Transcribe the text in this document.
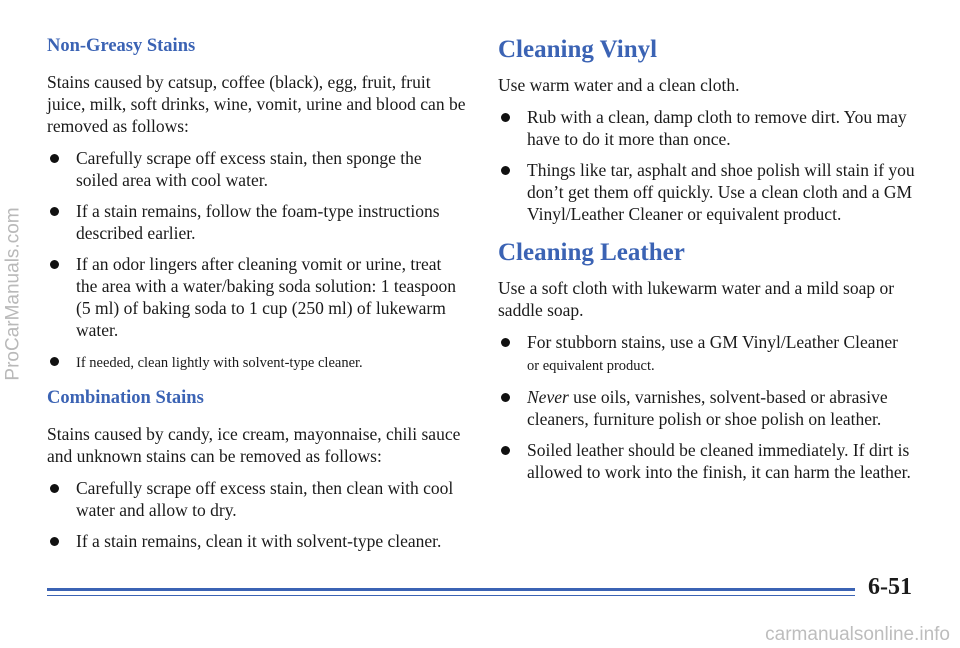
ProCarManuals.com
Non-Greasy Stains

Stains caused by catsup, coffee (black), egg, fruit, fruit juice, milk, soft drinks, wine, vomit, urine and blood can be removed as follows:

Carefully scrape off excess stain, then sponge the soiled area with cool water.
If a stain remains, follow the foam-type instructions described earlier.
If an odor lingers after cleaning vomit or urine, treat the area with a water/baking soda solution: 1 teaspoon (5 ml) of baking soda to 1 cup (250 ml) of lukewarm water.
If needed, clean lightly with solvent-type cleaner.
Combination Stains

Stains caused by candy, ice cream, mayonnaise, chili sauce and unknown stains can be removed as follows:

Carefully scrape off excess stain, then clean with cool water and allow to dry.
If a stain remains, clean it with solvent-type cleaner.
Cleaning Vinyl

Use warm water and a clean cloth.

Rub with a clean, damp cloth to remove dirt. You may have to do it more than once.
Things like tar, asphalt and shoe polish will stain if you don’t get them off quickly. Use a clean cloth and a GM Vinyl/Leather Cleaner or equivalent product.
Cleaning Leather

Use a soft cloth with lukewarm water and a mild soap or saddle soap.

For stubborn stains, use a GM Vinyl/Leather Cleaner
or equivalent product.
Never use oils, varnishes, solvent-based or abrasive cleaners, furniture polish or shoe polish on leather.
Soiled leather should be cleaned immediately. If dirt is allowed to work into the finish, it can harm the leather.
6-51
carmanualsonline.info
